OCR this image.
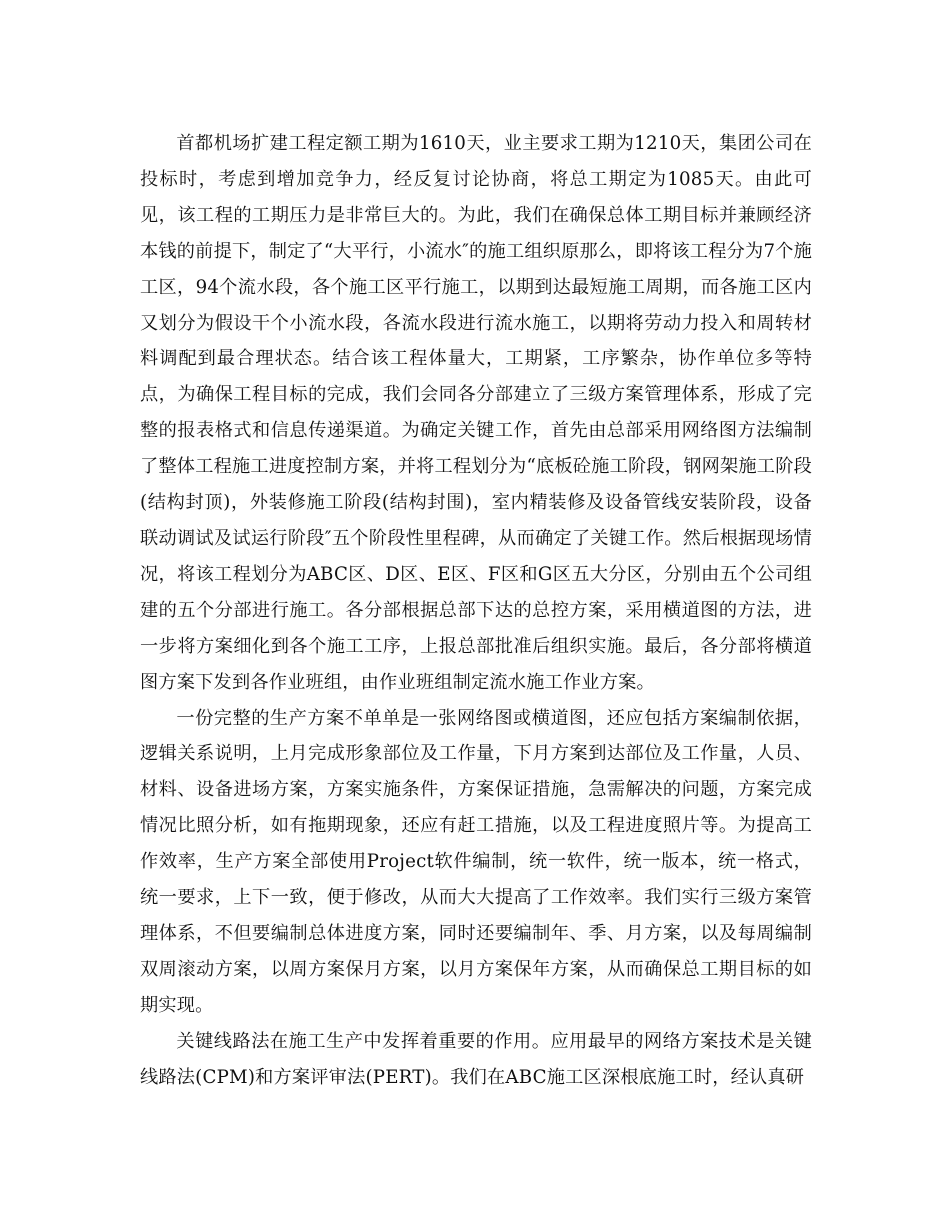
首都机场扩建工程定额工期为1610天，业主要求工期为1210天，集团公司在投标时，考虑到增加竞争力，经反复讨论协商，将总工期定为1085天。由此可见，该工程的工期压力是非常巨大的。为此，我们在确保总体工期目标并兼顾经济本钱的前提下，制定了“大平行，小流水″的施工组织原那么，即将该工程分为7个施工区，94个流水段，各个施工区平行施工，以期到达最短施工周期，而各施工区内又划分为假设干个小流水段，各流水段进行流水施工，以期将劳动力投入和周转材料调配到最合理状态。结合该工程体量大，工期紧，工序繁杂，协作单位多等特点，为确保工程目标的完成，我们会同各分部建立了三级方案管理体系，形成了完整的报表格式和信息传递渠道。为确定关键工作，首先由总部采用网络图方法编制了整体工程施工进度控制方案，并将工程划分为“底板砼施工阶段，钢网架施工阶段(结构封顶)，外装修施工阶段(结构封围)，室内精装修及设备管线安装阶段，设备联动调试及试运行阶段″五个阶段性里程碑，从而确定了关键工作。然后根据现场情况，将该工程划分为ABC区、D区、E区、F区和G区五大分区，分别由五个公司组建的五个分部进行施工。各分部根据总部下达的总控方案，采用横道图的方法，进一步将方案细化到各个施工工序，上报总部批准后组织实施。最后，各分部将横道图方案下发到各作业班组，由作业班组制定流水施工作业方案。

一份完整的生产方案不单单是一张网络图或横道图，还应包括方案编制依据，逻辑关系说明，上月完成形象部位及工作量，下月方案到达部位及工作量，人员、材料、设备进场方案，方案实施条件，方案保证措施，急需解决的问题，方案完成情况比照分析，如有拖期现象，还应有赶工措施，以及工程进度照片等。为提高工作效率，生产方案全部使用Project软件编制，统一软件，统一版本，统一格式，统一要求，上下一致，便于修改，从而大大提高了工作效率。我们实行三级方案管理体系，不但要编制总体进度方案，同时还要编制年、季、月方案，以及每周编制双周滚动方案，以周方案保月方案，以月方案保年方案，从而确保总工期目标的如期实现。

关键线路法在施工生产中发挥着重要的作用。应用最早的网络方案技术是关键线路法(CPM)和方案评审法(PERT)。我们在ABC施工区深根底施工时，经认真研
